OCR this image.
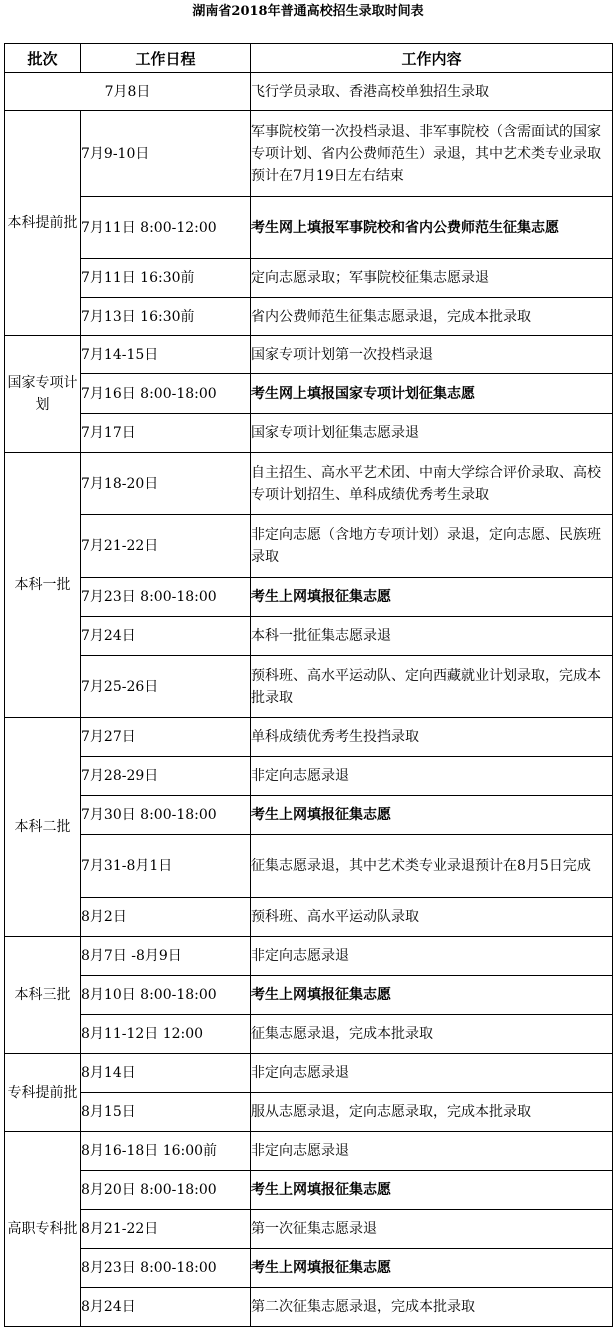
湖南省2018年普通高校招生录取时间表
批次	工作日程	工作内容
7月8日		飞行学员录取、香港高校单独招生录取
本科提前批	7月9-10日	军事院校第一次投档录退、非军事院校（含需面试的国家专项计划、省内公费师范生）录退，其中艺术类专业录取预计在7月19日左右结束
	7月11日 8:00-12:00	考生网上填报军事院校和省内公费师范生征集志愿
	7月11日 16:30前	定向志愿录取；军事院校征集志愿录退
	7月13日 16:30前	省内公费师范生征集志愿录退，完成本批录取
国家专项计划	7月14-15日	国家专项计划第一次投档录退
	7月16日 8:00-18:00	考生网上填报国家专项计划征集志愿
	7月17日	国家专项计划征集志愿录退
本科一批	7月18-20日	自主招生、高水平艺术团、中南大学综合评价录取、高校专项计划招生、单科成绩优秀考生录取
	7月21-22日	非定向志愿（含地方专项计划）录退，定向志愿、民族班录取
	7月23日 8:00-18:00	考生上网填报征集志愿
	7月24日	本科一批征集志愿录退
	7月25-26日	预科班、高水平运动队、定向西藏就业计划录取，完成本批录取
本科二批	7月27日	单科成绩优秀考生投挡录取
	7月28-29日	非定向志愿录退
	7月30日 8:00-18:00	考生上网填报征集志愿
	7月31-8月1日	征集志愿录退，其中艺术类专业录退预计在8月5日完成
	8月2日	预科班、高水平运动队录取
本科三批	8月7日 -8月9日	非定向志愿录退
	8月10日 8:00-18:00	考生上网填报征集志愿
	8月11-12日 12:00	征集志愿录退，完成本批录取
专科提前批	8月14日	非定向志愿录退
	8月15日	服从志愿录退，定向志愿录取，完成本批录取
高职专科批	8月16-18日 16:00前	非定向志愿录退
	8月20日 8:00-18:00	考生上网填报征集志愿
	8月21-22日	第一次征集志愿录退
	8月23日 8:00-18:00	考生上网填报征集志愿
	8月24日	第二次征集志愿录退，完成本批录取
